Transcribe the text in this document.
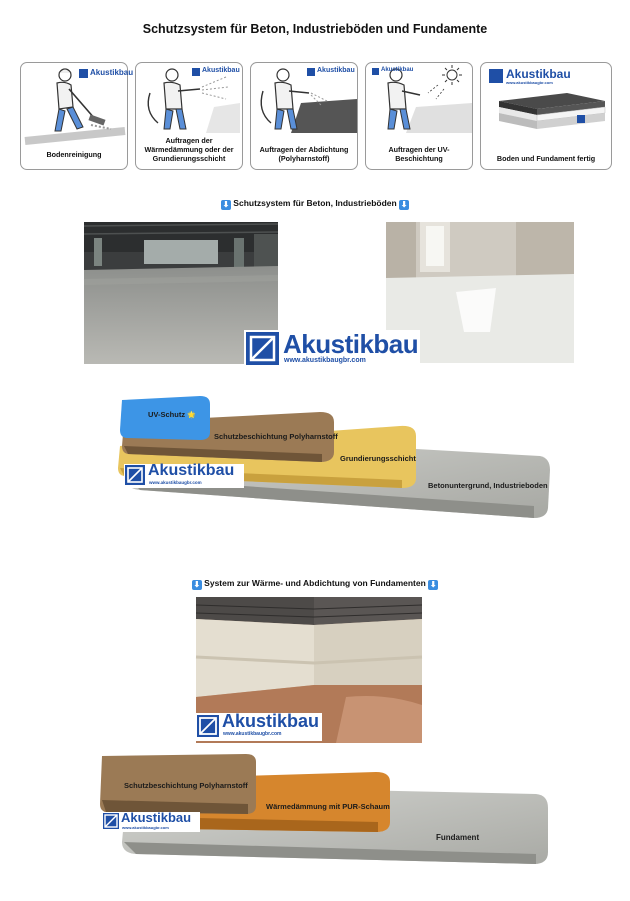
Schutzsystem für Beton, Industrieböden und Fundamente
Akustikbau
Bodenreinigung
Akustikbau
Auftragen der Wärmedämmung oder der Grundierungsschicht
Akustikbau
Auftragen der Abdichtung (Polyharnstoff)
Akustikbau
Auftragen der UV-Beschichtung
Akustikbau
www.akustikbaugbr.com
Boden und Fundament fertig
⬇ Schutzsystem für Beton, Industrieböden ⬇
Akustikbau
www.akustikbaugbr.com
UV-Schutz 🌟
Schutzbeschichtung Polyharnstoff
Grundierungsschicht
Betonuntergrund, Industrieboden
Akustikbau
www.akustikbaugbr.com
⬇ System zur Wärme- und Abdichtung von Fundamenten ⬇
Akustikbau
www.akustikbaugbr.com
Schutzbeschichtung Polyharnstoff
Wärmedämmung mit PUR-Schaum
Fundament
Akustikbau
www.akustikbaugbr.com
